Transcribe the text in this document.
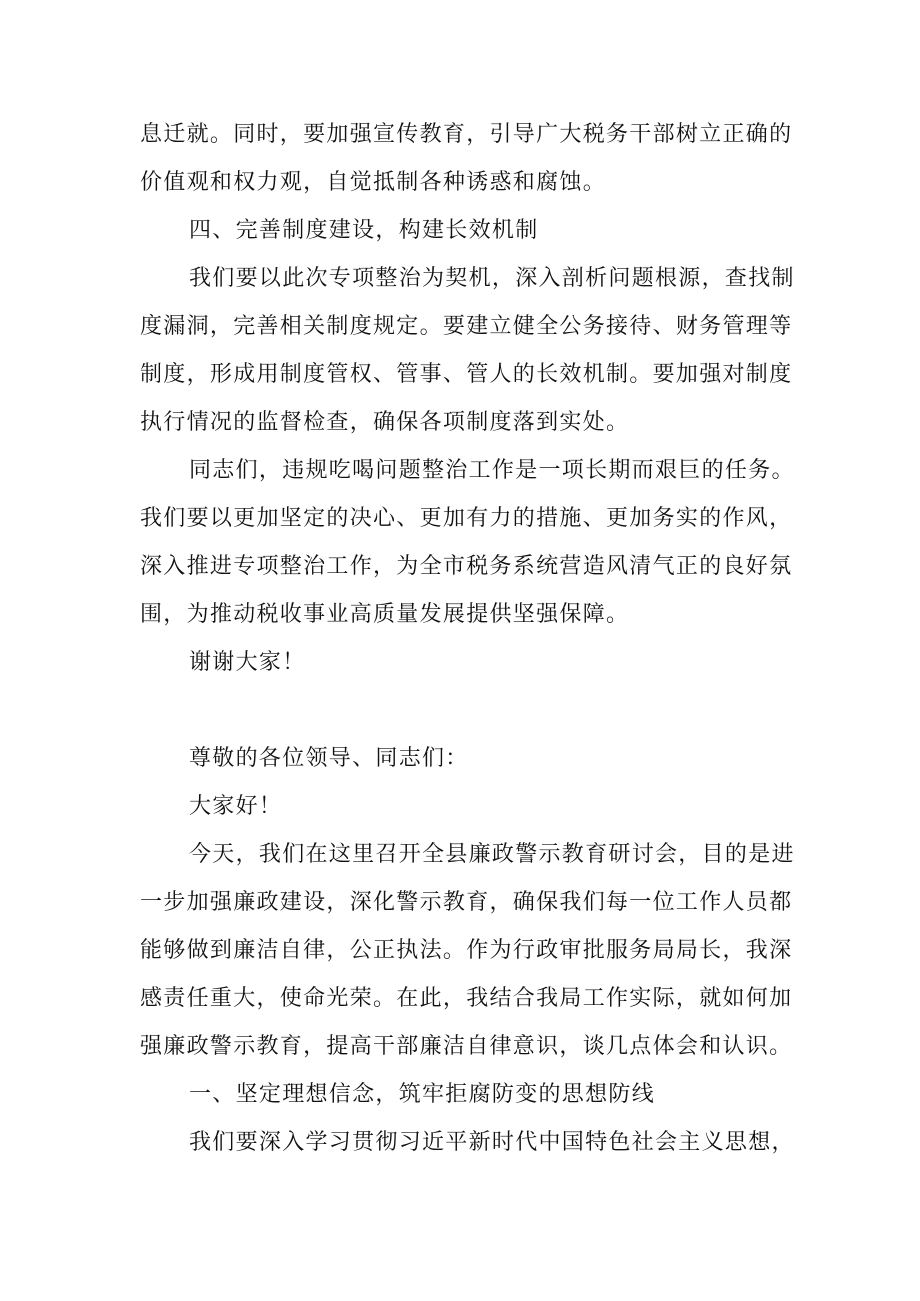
息迁就。同时，要加强宣传教育，引导广大税务干部树立正确的

价值观和权力观，自觉抵制各种诱惑和腐蚀。

四、完善制度建设，构建长效机制

我们要以此次专项整治为契机，深入剖析问题根源，查找制

度漏洞，完善相关制度规定。要建立健全公务接待、财务管理等

制度，形成用制度管权、管事、管人的长效机制。要加强对制度

执行情况的监督检查，确保各项制度落到实处。

同志们，违规吃喝问题整治工作是一项长期而艰巨的任务。

我们要以更加坚定的决心、更加有力的措施、更加务实的作风，

深入推进专项整治工作，为全市税务系统营造风清气正的良好氛

围，为推动税收事业高质量发展提供坚强保障。

谢谢大家！

尊敬的各位领导、同志们：

大家好！

今天，我们在这里召开全县廉政警示教育研讨会，目的是进

一步加强廉政建设，深化警示教育，确保我们每一位工作人员都

能够做到廉洁自律，公正执法。作为行政审批服务局局长，我深

感责任重大，使命光荣。在此，我结合我局工作实际，就如何加

强廉政警示教育，提高干部廉洁自律意识，谈几点体会和认识。

一、坚定理想信念，筑牢拒腐防变的思想防线

我们要深入学习贯彻习近平新时代中国特色社会主义思想，
